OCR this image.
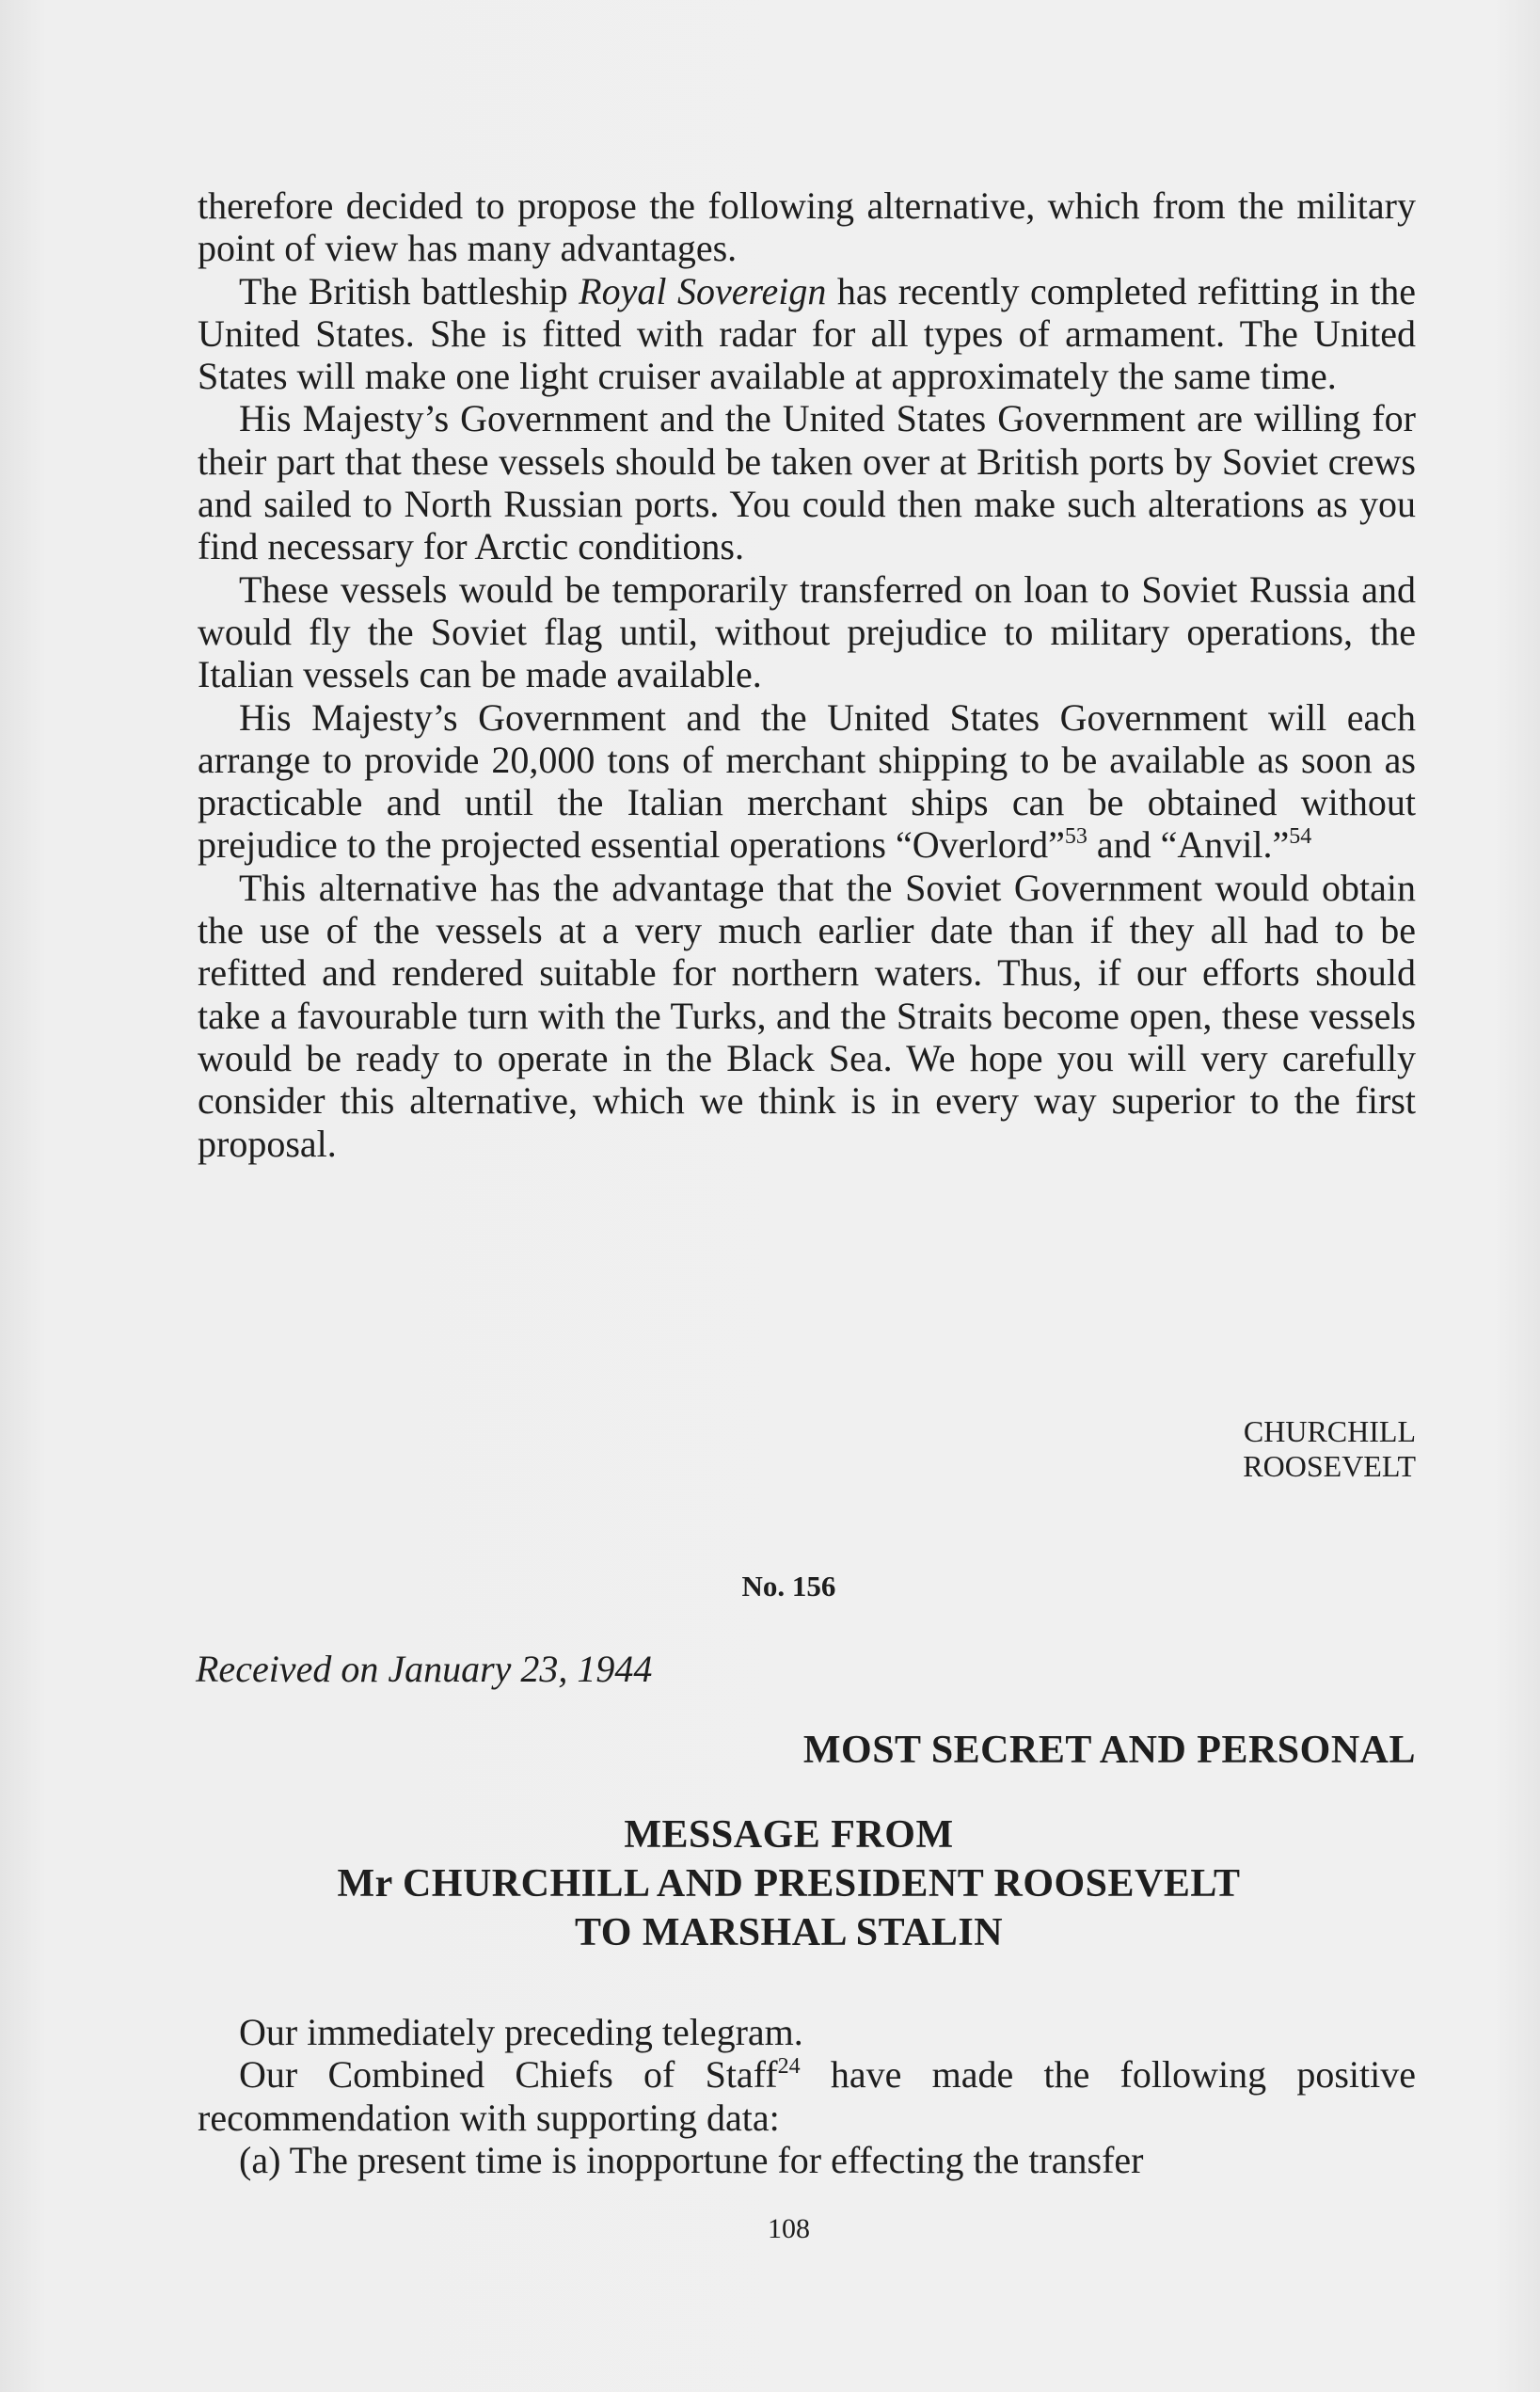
therefore decided to propose the following alternative, which from the military point of view has many advantages.

The British battleship Royal Sovereign has recently completed refitting in the United States. She is fitted with radar for all types of armament. The United States will make one light cruiser available at approximately the same time.

His Majesty’s Government and the United States Government are willing for their part that these vessels should be taken over at British ports by Soviet crews and sailed to North Russian ports. You could then make such alterations as you find necessary for Arctic conditions.

These vessels would be temporarily transferred on loan to Soviet Russia and would fly the Soviet flag until, without prejudice to military operations, the Italian vessels can be made available.

His Majesty’s Government and the United States Government will each arrange to provide 20,000 tons of merchant shipping to be available as soon as practicable and until the Italian merchant ships can be obtained without prejudice to the projected essential operations “Overlord”$^{53}$ and “Anvil.”$^{54}$

This alternative has the advantage that the Soviet Government would obtain the use of the vessels at a very much earlier date than if they all had to be refitted and rendered suitable for northern waters. Thus, if our efforts should take a favourable turn with the Turks, and the Straits become open, these vessels would be ready to operate in the Black Sea. We hope you will very carefully consider this alternative, which we think is in every way superior to the first proposal.

CHURCHILL
ROOSEVELT
No. 156
Received on January 23, 1944
MOST SECRET AND PERSONAL
MESSAGE FROM
Mr CHURCHILL AND PRESIDENT ROOSEVELT
TO MARSHAL STALIN

Our immediately preceding telegram.

Our Combined Chiefs of Staff$^{24}$ have made the following positive recommendation with supporting data:

(a) The present time is inopportune for effecting the transfer

108
